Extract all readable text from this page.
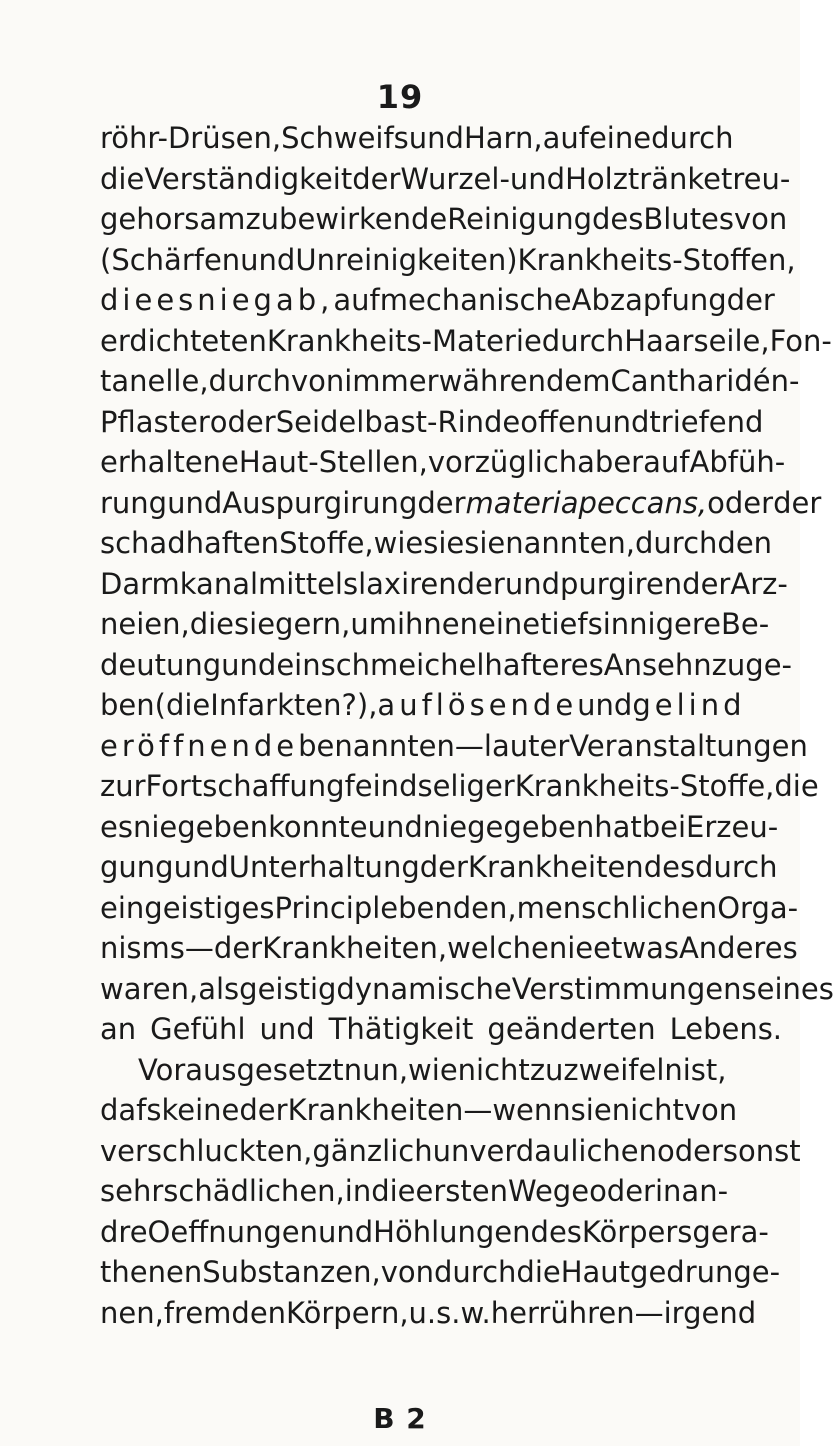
19
röhr-Drüsen, Schweifs und Harn, auf eine durch
die Verständigkeit der Wurzel- und Holztränke treu-
gehorsam zu bewirkende Reinigung des Blutes von
(Schärfen und Unreinigkeiten) Krankheits-Stoffen,
die es nie gab, auf mechanische Abzapfung der
erdichteten Krankheits-Materie durch Haarseile, Fon-
tanelle, durch von immerwährendem Cantharidén-
Pflaster oder Seidelbast-Rinde offen und triefend
erhaltene Haut-Stellen, vorzüglich aber auf Abfüh-
rung und Auspurgirung der materia peccans, oder der
schadhaften Stoffe, wie sie sie nannten, durch den
Darmkanal mittels laxirender und purgirender Arz-
neien, die sie gern, um ihnen eine tiefsinnigere Be-
deutung und ein schmeichelhafteres Ansehn zu ge-
ben (die Infarkten?), auflösende und gelind
eröffnende benannten — lauter Veranstaltungen
zur Fortschaffung feindseliger Krankheits-Stoffe, die
es nie geben konnte und nie gegeben hat bei Erzeu-
gung und Unterhaltung der Krankheiten des durch
ein geistiges Princip lebenden, menschlichen Orga-
nisms — der Krankheiten, welche nie etwas Anderes
waren, als geistig dynamische Verstimmungen seines
an Gefühl und Thätigkeit geänderten Lebens.
Vorausgesetzt nun, wie nicht zu zweifeln ist,
dafs keine der Krankheiten — wenn sie nicht von
verschluckten, gänzlich unverdaulichen oder sonst
sehr schädlichen, in die ersten Wege oder in an-
dre Oeffnungen und Höhlungen des Körpers gera-
thenen Substanzen, von durch die Haut gedrunge-
nen, fremden Körpern, u. s. w. herrühren — irgend
B 2
